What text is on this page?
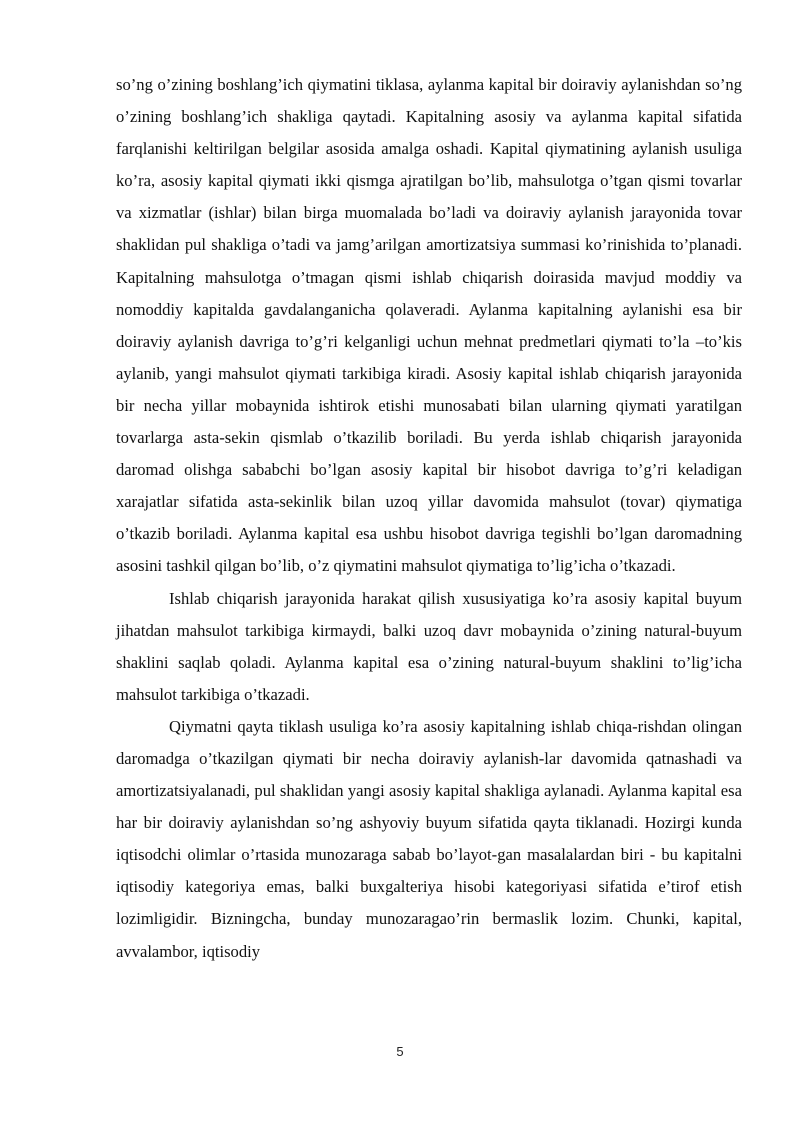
so’ng o’zining boshlang’ich qiymatini tiklasa, aylanma kapital bir doiraviy aylanishdan so’ng o’zining boshlang’ich shakliga qaytadi. Kapitalning asosiy va aylanma kapital sifatida farqlanishi keltirilgan belgilar asosida amalga oshadi. Kapital qiymatining aylanish usuliga ko’ra, asosiy kapital qiymati ikki qismga ajratilgan bo’lib, mahsulotga o’tgan qismi tovarlar va xizmatlar (ishlar) bilan birga muomalada bo’ladi va doiraviy aylanish jarayonida tovar shaklidan pul shakliga o’tadi va jamg’arilgan amortizatsiya summasi ko’rinishida to’planadi. Kapitalning mahsulotga o’tmagan qismi ishlab chiqarish doirasida mavjud moddiy va nomoddiy kapitalda gavdalanganicha qolaveradi. Aylanma kapitalning aylanishi esa bir doiraviy aylanish davriga to’g’ri kelganligi uchun mehnat predmetlari qiymati to’la –to’kis aylanib, yangi mahsulot qiymati tarkibiga kiradi. Asosiy kapital ishlab chiqarish jarayonida bir necha yillar mobaynida ishtirok etishi munosabati bilan ularning qiymati yaratilgan tovarlarga asta-sekin qismlab o’tkazilib boriladi. Bu yerda ishlab chiqarish jarayonida daromad olishga sababchi bo’lgan asosiy kapital bir hisobot davriga to’g’ri keladigan xarajatlar sifatida asta-sekinlik bilan uzoq yillar davomida mahsulot (tovar) qiymatiga o’tkazib boriladi. Aylanma kapital esa ushbu hisobot davriga tegishli bo’lgan daromadning asosini tashkil qilgan bo’lib, o’z qiymatini mahsulot qiymatiga to’lig’icha o’tkazadi.

Ishlab chiqarish jarayonida harakat qilish xususiyatiga ko’ra asosiy kapital buyum jihatdan mahsulot tarkibiga kirmaydi, balki uzoq davr mobaynida o’zining natural-buyum shaklini saqlab qoladi. Aylanma kapital esa o’zining natural-buyum shaklini to’lig’icha mahsulot tarkibiga o’tkazadi.

Qiymatni qayta tiklash usuliga ko’ra asosiy kapitalning ishlab chiqa-rishdan olingan daromadga o’tkazilgan qiymati bir necha doiraviy aylanish-lar davomida qatnashadi va amortizatsiyalanadi, pul shaklidan yangi asosiy kapital shakliga aylanadi. Aylanma kapital esa har bir doiraviy aylanishdan so’ng ashyoviy buyum sifatida qayta tiklanadi. Hozirgi kunda iqtisodchi olimlar o’rtasida munozaraga sabab bo’layot-gan masalalardan biri - bu kapitalni iqtisodiy kategoriya emas, balki buxgalteriya hisobi kategoriyasi sifatida e’tirof etish lozimligidir. Bizningcha, bunday munozaragao’rin bermaslik lozim. Chunki, kapital, avvalambor, iqtisodiy

5
